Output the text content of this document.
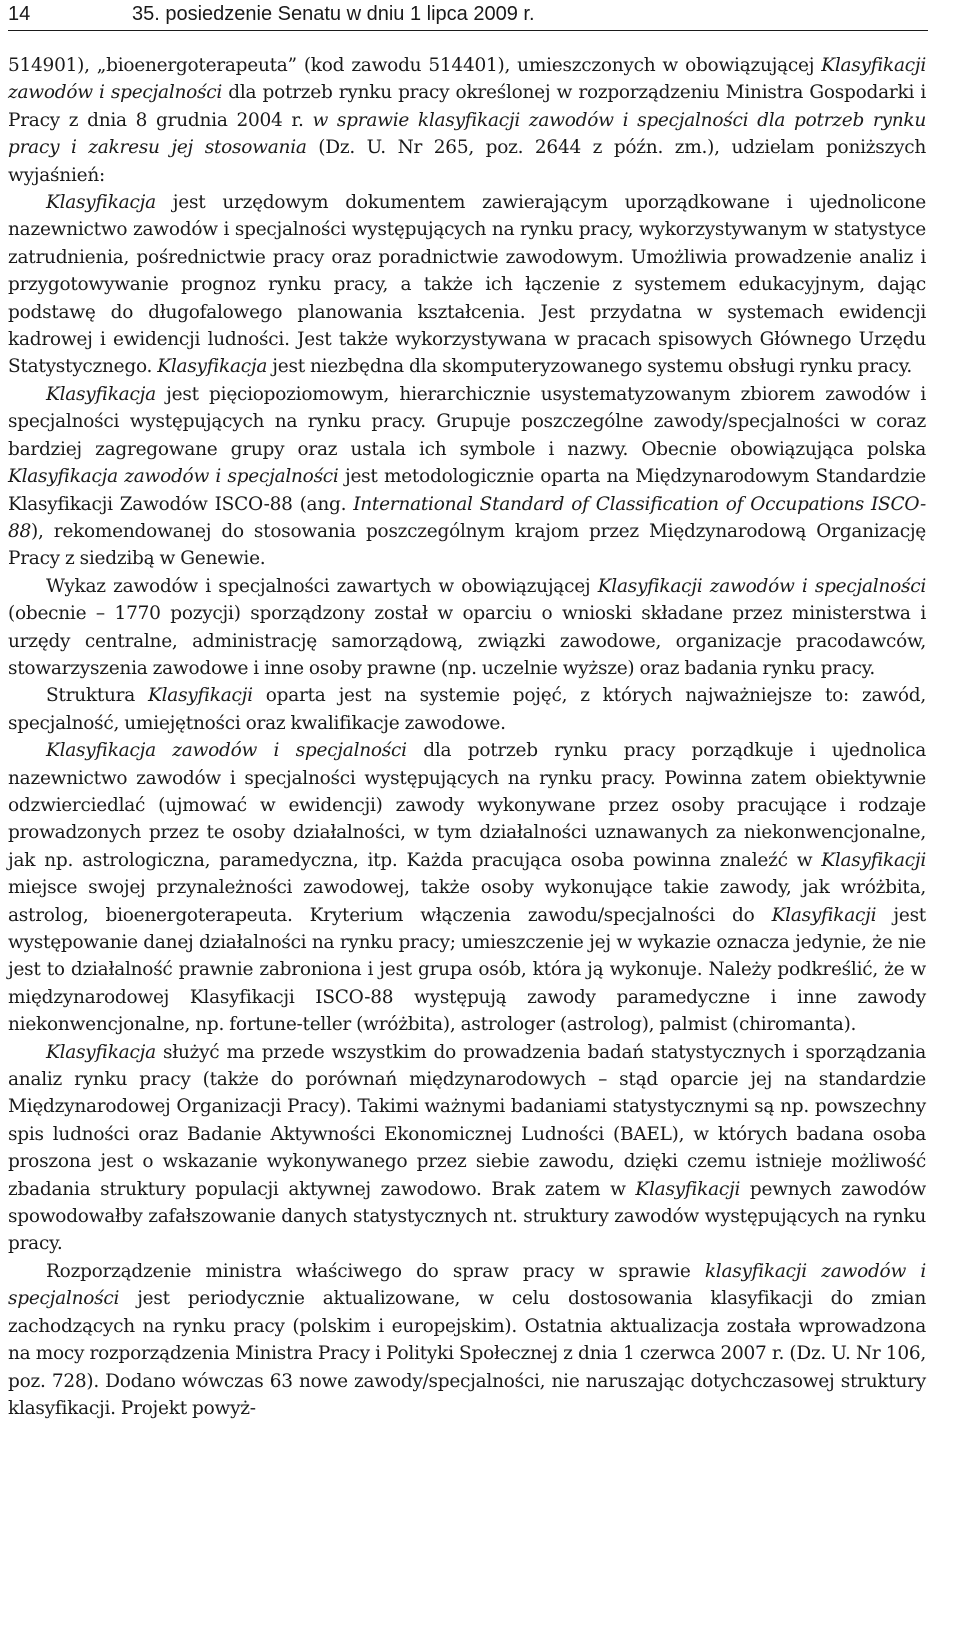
14	35. posiedzenie Senatu w dniu 1 lipca 2009 r.

514901), „bioenergoterapeuta” (kod zawodu 514401), umieszczonych w obowiązującej Klasyfikacji zawodów i specjalności dla potrzeb rynku pracy określonej w rozporządzeniu Ministra Gospodarki i Pracy z dnia 8 grudnia 2004 r. w sprawie klasyfikacji zawodów i specjalności dla potrzeb rynku pracy i zakresu jej stosowania (Dz. U. Nr 265, poz. 2644 z późn. zm.), udzielam poniższych wyjaśnień:

Klasyfikacja jest urzędowym dokumentem zawierającym uporządkowane i ujednolicone nazewnictwo zawodów i specjalności występujących na rynku pracy, wykorzystywanym w statystyce zatrudnienia, pośrednictwie pracy oraz poradnictwie zawodowym. Umożliwia prowadzenie analiz i przygotowywanie prognoz rynku pracy, a także ich łączenie z systemem edukacyjnym, dając podstawę do długofalowego planowania kształcenia. Jest przydatna w systemach ewidencji kadrowej i ewidencji ludności. Jest także wykorzystywana w pracach spisowych Głównego Urzędu Statystycznego. Klasyfikacja jest niezbędna dla skomputeryzowanego systemu obsługi rynku pracy.

Klasyfikacja jest pięciopoziomowym, hierarchicznie usystematyzowanym zbiorem zawodów i specjalności występujących na rynku pracy. Grupuje poszczególne zawody/specjalności w coraz bardziej zagregowane grupy oraz ustala ich symbole i nazwy. Obecnie obowiązująca polska Klasyfikacja zawodów i specjalności jest metodologicznie oparta na Międzynarodowym Standardzie Klasyfikacji Zawodów ISCO-88 (ang. International Standard of Classification of Occupations ISCO-88), rekomendowanej do stosowania poszczególnym krajom przez Międzynarodową Organizację Pracy z siedzibą w Genewie.

Wykaz zawodów i specjalności zawartych w obowiązującej Klasyfikacji zawodów i specjalności (obecnie – 1770 pozycji) sporządzony został w oparciu o wnioski składane przez ministerstwa i urzędy centralne, administrację samorządową, związki zawodowe, organizacje pracodawców, stowarzyszenia zawodowe i inne osoby prawne (np. uczelnie wyższe) oraz badania rynku pracy.

Struktura Klasyfikacji oparta jest na systemie pojęć, z których najważniejsze to: zawód, specjalność, umiejętności oraz kwalifikacje zawodowe.

Klasyfikacja zawodów i specjalności dla potrzeb rynku pracy porządkuje i ujednolica nazewnictwo zawodów i specjalności występujących na rynku pracy. Powinna zatem obiektywnie odzwierciedlać (ujmować w ewidencji) zawody wykonywane przez osoby pracujące i rodzaje prowadzonych przez te osoby działalności, w tym działalności uznawanych za niekonwencjonalne, jak np. astrologiczna, paramedyczna, itp. Każda pracująca osoba powinna znaleźć w Klasyfikacji miejsce swojej przynależności zawodowej, także osoby wykonujące takie zawody, jak wróżbita, astrolog, bioenergoterapeuta. Kryterium włączenia zawodu/specjalności do Klasyfikacji jest występowanie danej działalności na rynku pracy; umieszczenie jej w wykazie oznacza jedynie, że nie jest to działalność prawnie zabroniona i jest grupa osób, która ją wykonuje. Należy podkreślić, że w międzynarodowej Klasyfikacji ISCO-88 występują zawody paramedyczne i inne zawody niekonwencjonalne, np. fortune-teller (wróżbita), astrologer (astrolog), palmist (chiromanta).

Klasyfikacja służyć ma przede wszystkim do prowadzenia badań statystycznych i sporządzania analiz rynku pracy (także do porównań międzynarodowych – stąd oparcie jej na standardzie Międzynarodowej Organizacji Pracy). Takimi ważnymi badaniami statystycznymi są np. powszechny spis ludności oraz Badanie Aktywności Ekonomicznej Ludności (BAEL), w których badana osoba proszona jest o wskazanie wykonywanego przez siebie zawodu, dzięki czemu istnieje możliwość zbadania struktury populacji aktywnej zawodowo. Brak zatem w Klasyfikacji pewnych zawodów spowodowałby zafałszowanie danych statystycznych nt. struktury zawodów występujących na rynku pracy.

Rozporządzenie ministra właściwego do spraw pracy w sprawie klasyfikacji zawodów i specjalności jest periodycznie aktualizowane, w celu dostosowania klasyfikacji do zmian zachodzących na rynku pracy (polskim i europejskim). Ostatnia aktualizacja została wprowadzona na mocy rozporządzenia Ministra Pracy i Polityki Społecznej z dnia 1 czerwca 2007 r. (Dz. U. Nr 106, poz. 728). Dodano wówczas 63 nowe zawody/specjalności, nie naruszając dotychczasowej struktury klasyfikacji. Projekt powyż-
